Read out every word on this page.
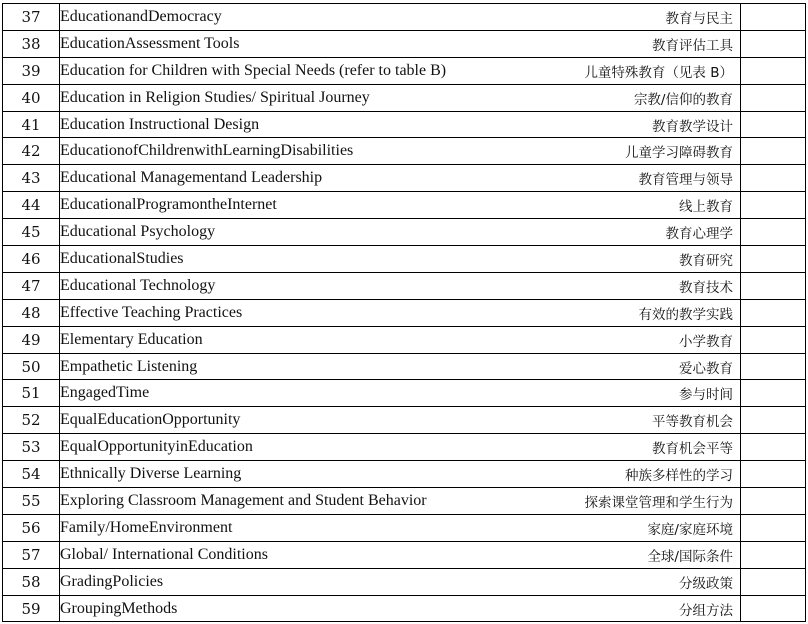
37	EducationandDemocracy 教育与民主	

38	EducationAssessment Tools 教育评估工具	

39	Education for Children with Special Needs (refer to table B) 儿童特殊教育（见表 B）	

40	Education in Religion Studies/ Spiritual Journey 宗教/信仰的教育	

41	Education Instructional Design 教育教学设计	

42	EducationofChildrenwithLearningDisabilities 儿童学习障碍教育	

43	Educational Managementand Leadership 教育管理与领导	

44	EducationalProgramontheInternet 线上教育	

45	Educational Psychology 教育心理学	

46	EducationalStudies 教育研究	

47	Educational Technology 教育技术	

48	Effective Teaching Practices 有效的教学实践	

49	Elementary Education 小学教育	

50	Empathetic Listening 爱心教育	

51	EngagedTime 参与时间	

52	EqualEducationOpportunity 平等教育机会	

53	EqualOpportunityinEducation 教育机会平等	

54	Ethnically Diverse Learning 种族多样性的学习	

55	Exploring Classroom Management and Student Behavior 探索课堂管理和学生行为	

56	Family/HomeEnvironment 家庭/家庭环境	

57	Global/ International Conditions 全球/国际条件	

58	GradingPolicies 分级政策	

59	GroupingMethods 分组方法	
